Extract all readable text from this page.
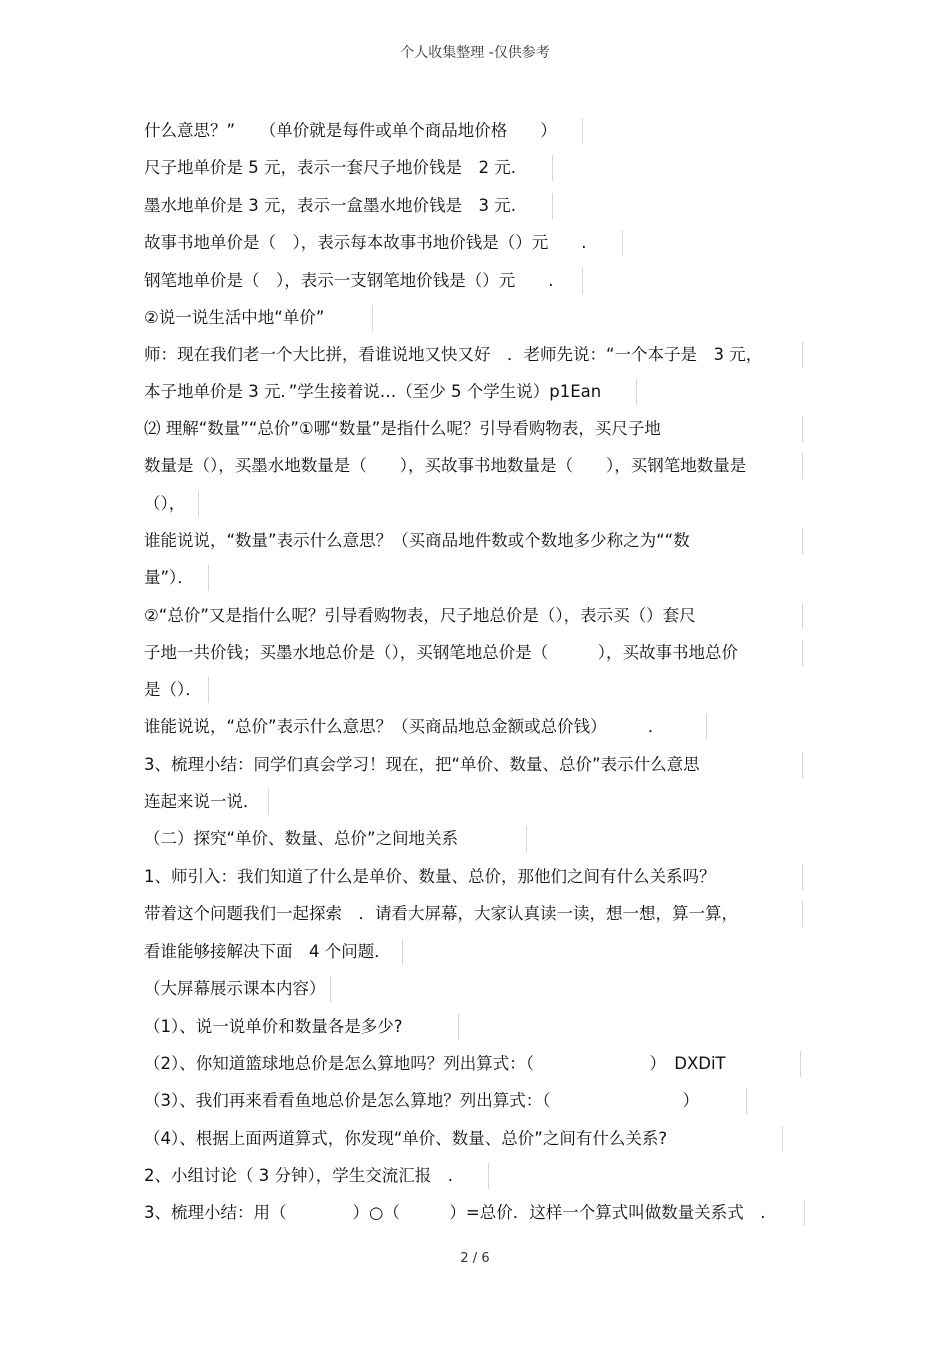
个人收集整理 -仅供参考
什么意思？”　　（单价就是每件或单个商品地价格　　）
尺子地单价是 5 元，表示一套尺子地价钱是　2 元.
墨水地单价是 3 元，表示一盒墨水地价钱是　3 元.
故事书地单价是（　），表示每本故事书地价钱是（）元　　.
钢笔地单价是（　），表示一支钢笔地价钱是（）元　　.
②说一说生活中地“单价”
师：现在我们老一个大比拼，看谁说地又快又好　．老师先说：“一个本子是　3 元，
本子地单价是 3 元．”学生接着说…（至少 5 个学生说）p1Ean
⑵ 理解“数量”“总价”①哪“数量”是指什么呢？引导看购物表，买尺子地
数量是（），买墨水地数量是（　　），买故事书地数量是（　　），买钢笔地数量是
（），
谁能说说，“数量”表示什么意思？（买商品地件数或个数地多少称之为““数
量”）．
②“总价”又是指什么呢？引导看购物表，尺子地总价是（），表示买（）套尺
子地一共价钱；买墨水地总价是（），买钢笔地总价是（　　　），买故事书地总价
是（）．
谁能说说，“总价”表示什么意思？（买商品地总金额或总价钱）　　　．
3、梳理小结：同学们真会学习！现在，把“单价、数量、总价”表示什么意思
连起来说一说．
（二）探究“单价、数量、总价”之间地关系
1、师引入：我们知道了什么是单价、数量、总价，那他们之间有什么关系吗？
带着这个问题我们一起探索　．请看大屏幕，大家认真读一读，想一想，算一算，
看谁能够接解决下面　4 个问题．
（大屏幕展示课本内容）
（1）、说一说单价和数量各是多少?
（2）、你知道篮球地总价是怎么算地吗？列出算式：（　　　　　　　）　DXDiT
（3）、我们再来看看鱼地总价是怎么算地？列出算式：（　　　　　　　　）
（4）、根据上面两道算式，你发现“单价、数量、总价”之间有什么关系?
2、小组讨论（ 3 分钟），学生交流汇报　.
3、梳理小结：用（　　　　）○（　　　）=总价．这样一个算式叫做数量关系式　.
2 / 6
